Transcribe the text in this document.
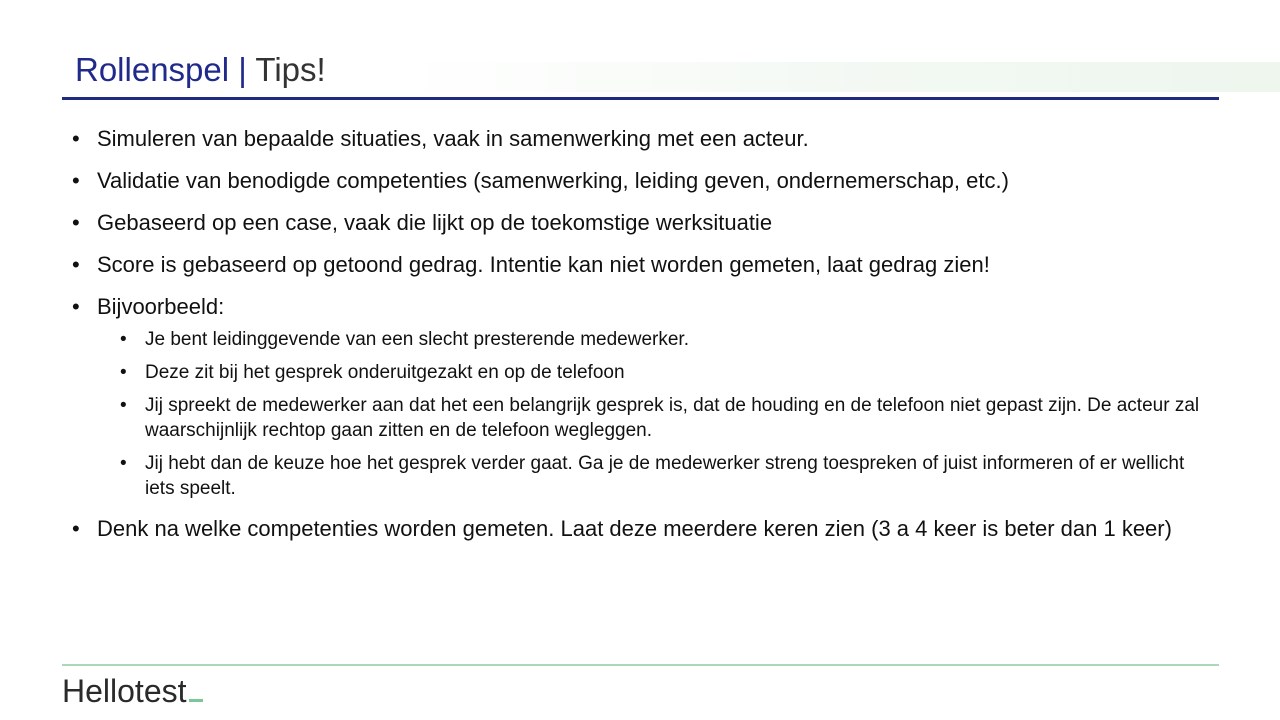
Rollenspel | Tips!
• Simuleren van bepaalde situaties, vaak in samenwerking met een acteur.
• Validatie van benodigde competenties (samenwerking, leiding geven, ondernemerschap, etc.)
• Gebaseerd op een case, vaak die lijkt op de toekomstige werksituatie
• Score is gebaseerd op getoond gedrag. Intentie kan niet worden gemeten, laat gedrag zien!
• Bijvoorbeeld:
• Je bent leidinggevende van een slecht presterende medewerker.
• Deze zit bij het gesprek onderuitgezakt en op de telefoon
• Jij spreekt de medewerker aan dat het een belangrijk gesprek is, dat de houding en de telefoon niet gepast zijn. De acteur zal waarschijnlijk rechtop gaan zitten en de telefoon wegleggen.
• Jij hebt dan de keuze hoe het gesprek verder gaat. Ga je de medewerker streng toespreken of juist informeren of er wellicht iets speelt.
• Denk na welke competenties worden gemeten. Laat deze meerdere keren zien (3 a 4 keer is beter dan 1 keer)
Hellotest
